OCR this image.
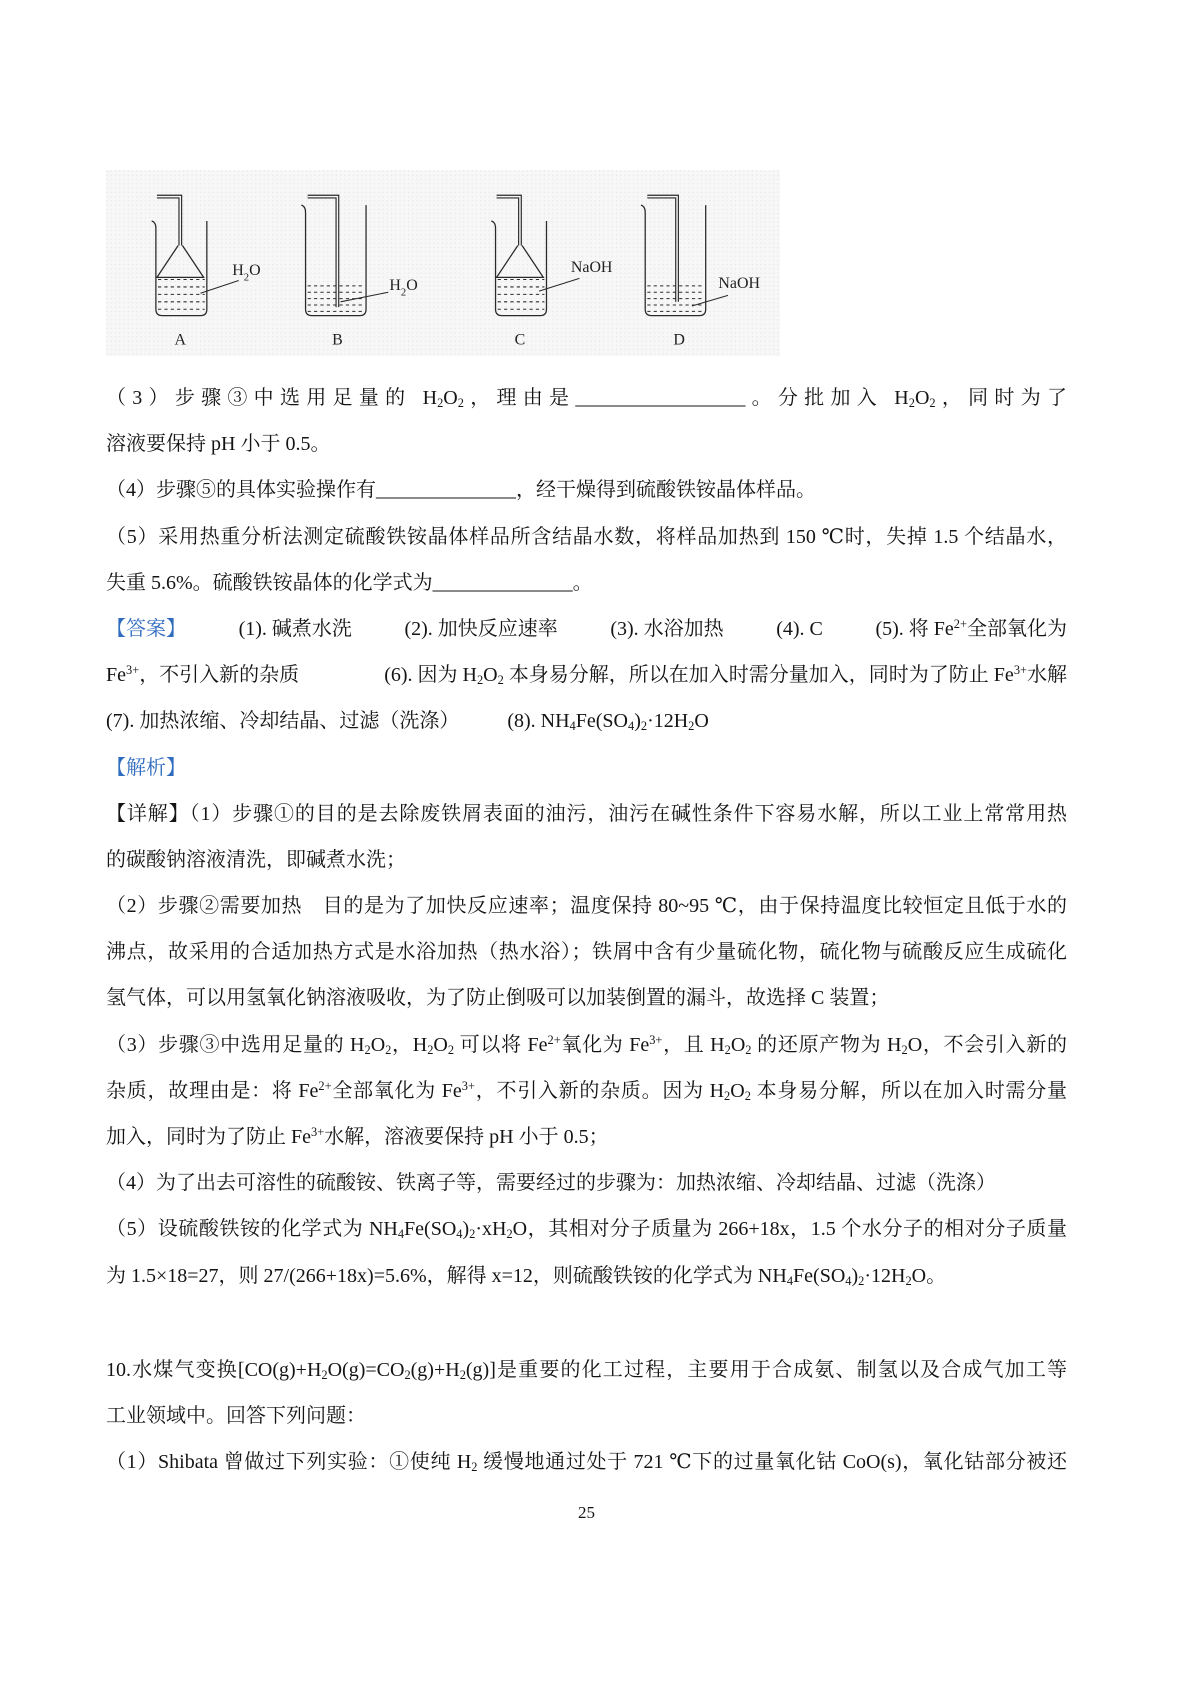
$H_2O$
A
$H_2O$
B
NaOH
C
NaOH
D
（3）步骤③中选用足量的 $H_2O_2$，理由是_________________。分批加入 $H_2O_2$，同时为了
溶液要保持 pH 小于 0.5。
（4）步骤⑤的具体实验操作有______________，经干燥得到硫酸铁铵晶体样品。
（5）采用热重分析法测定硫酸铁铵晶体样品所含结晶水数，将样品加热到 150 ℃时，失掉 1.5 个结晶水，
失重 5.6%。硫酸铁铵晶体的化学式为______________。
【答案】	(1). 碱煮水洗	(2). 加快反应速率	(3). 水浴加热	(4). C	(5). 将 $Fe^{2+}$全部氧化为
$Fe^{3+}$，不引入新的杂质	(6). 因为 $H_2O_2$ 本身易分解，所以在加入时需分量加入，同时为了防止 $Fe^{3+}$水解
(7). 加热浓缩、冷却结晶、过滤（洗涤） (8). $NH_4Fe(SO_4)_2\cdot 12H_2O$
【解析】
【详解】（1）步骤①的目的是去除废铁屑表面的油污，油污在碱性条件下容易水解，所以工业上常常用热
的碳酸钠溶液清洗，即碱煮水洗；
（2）步骤②需要加热　目的是为了加快反应速率；温度保持 80~95 ℃，由于保持温度比较恒定且低于水的
沸点，故采用的合适加热方式是水浴加热（热水浴）；铁屑中含有少量硫化物，硫化物与硫酸反应生成硫化
氢气体，可以用氢氧化钠溶液吸收，为了防止倒吸可以加装倒置的漏斗，故选择 C 装置；
（3）步骤③中选用足量的 $H_2O_2$，$H_2O_2$ 可以将 $Fe^{2+}$氧化为 $Fe^{3+}$，且 $H_2O_2$ 的还原产物为 $H_2O$，不会引入新的
杂质，故理由是：将 $Fe^{2+}$全部氧化为 $Fe^{3+}$，不引入新的杂质。因为 $H_2O_2$ 本身易分解，所以在加入时需分量
加入，同时为了防止 $Fe^{3+}$水解，溶液要保持 pH 小于 0.5；
（4）为了出去可溶性的硫酸铵、铁离子等，需要经过的步骤为：加热浓缩、冷却结晶、过滤（洗涤）
（5）设硫酸铁铵的化学式为 $NH_4Fe(SO_4)_2\cdot xH_2O$，其相对分子质量为 266+18x，1.5 个水分子的相对分子质量
为 1.5×18=27，则 27/(266+18x)=5.6%，解得 x=12，则硫酸铁铵的化学式为 $NH_4Fe(SO_4)_2\cdot 12H_2O$。
10.水煤气变换$[CO(g)+H_2O(g)=CO_2(g)+H_2(g)]$是重要的化工过程，主要用于合成氨、制氢以及合成气加工等
工业领域中。回答下列问题：
（1）Shibata 曾做过下列实验：①使纯 $H_2$ 缓慢地通过处于 721 ℃下的过量氧化钴 CoO(s)，氧化钴部分被还
25
